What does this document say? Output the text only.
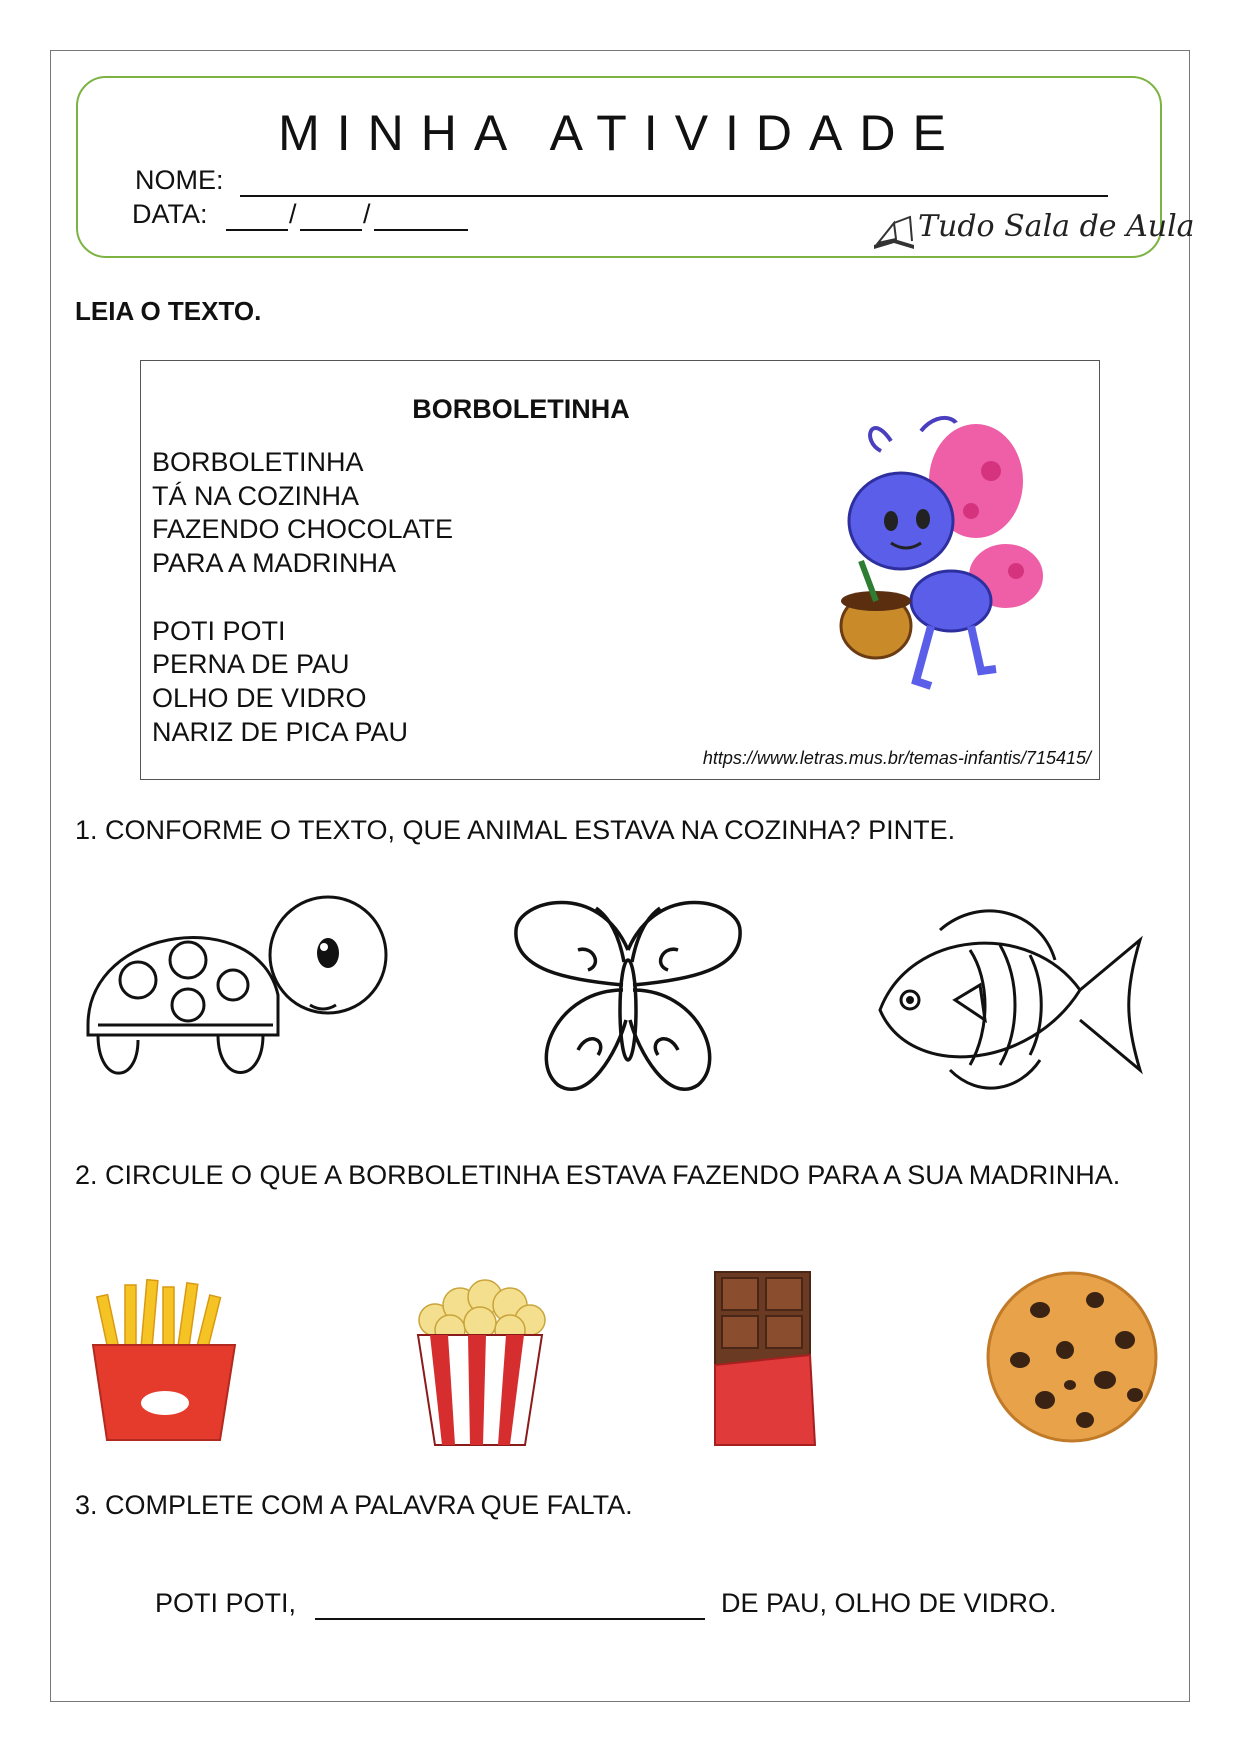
MINHA ATIVIDADE
NOME:
DATA:	/ /	Tudo Sala de Aula
LEIA O TEXTO.
BORBOLETINHA
BORBOLETINHA
TÁ NA COZINHA
FAZENDO CHOCOLATE
PARA A MADRINHA
POTI POTI
PERNA DE PAU
OLHO DE VIDRO
NARIZ DE PICA PAU
https://www.letras.mus.br/temas-infantis/715415/
1. CONFORME O TEXTO, QUE ANIMAL ESTAVA NA COZINHA? PINTE.
2. CIRCULE O QUE A BORBOLETINHA ESTAVA FAZENDO PARA A SUA MADRINHA.
3. COMPLETE COM A PALAVRA QUE FALTA.
POTI POTI,	DE PAU, OLHO DE VIDRO.
